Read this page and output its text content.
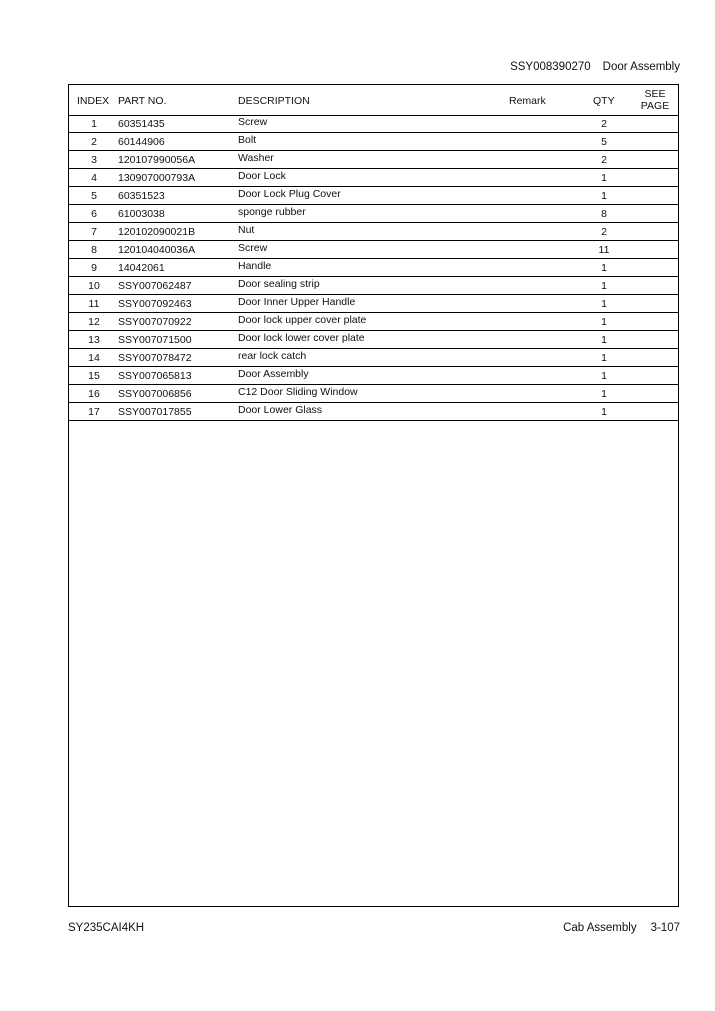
SSY008390270 Door Assembly
INDEX PART NO.	DESCRIPTION	Remark	QTY
SEE
PAGE
1	60351435	Screw	2
2	60144906	Bolt	5
3	120107990056A	Washer	2
4	130907000793A	Door Lock	1
5	60351523	Door Lock Plug Cover	1
6	61003038	sponge rubber	8
7	120102090021B	Nut	2
8	120104040036A	Screw	11
9	14042061	Handle	1
10	SSY007062487	Door sealing strip	1
11	SSY007092463	Door Inner Upper Handle	1
12	SSY007070922	Door lock upper cover plate	1
13	SSY007071500	Door lock lower cover plate	1
14	SSY007078472	rear lock catch	1
15	SSY007065813	Door Assembly	1
16	SSY007006856	C12 Door Sliding Window	1
17	SSY007017855	Door Lower Glass	1
SY235CAI4KH	Cab Assembly 3-107
